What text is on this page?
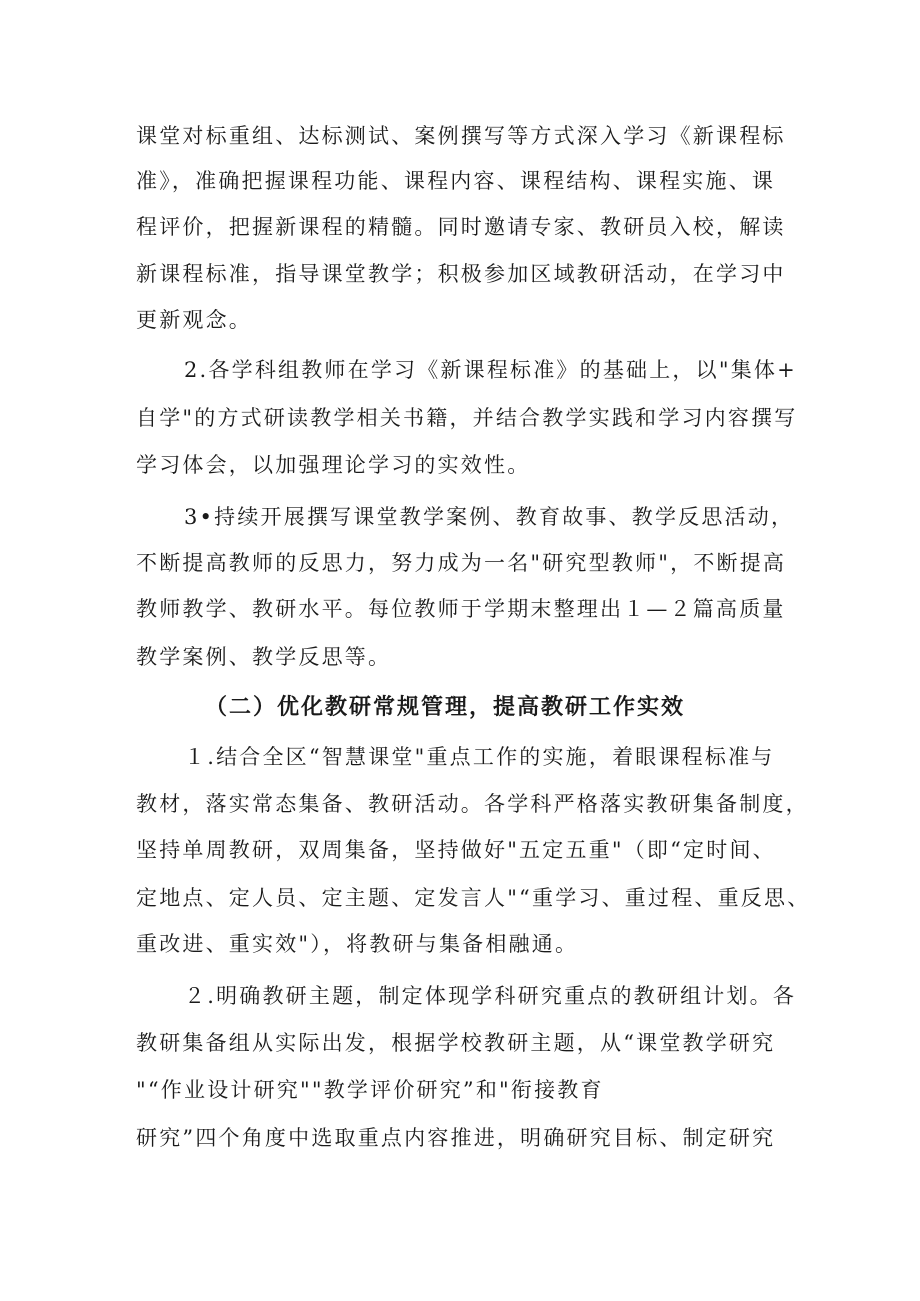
课堂对标重组、达标测试、案例撰写等方式深入学习《新课程标
准》，准确把握课程功能、课程内容、课程结构、课程实施、课
程评价，把握新课程的精髓。同时邀请专家、教研员入校，解读
新课程标准，指导课堂教学；积极参加区域教研活动，在学习中
更新观念。
2.各学科组教师在学习《新课程标准》的基础上，以"集体+
自学"的方式研读教学相关书籍，并结合教学实践和学习内容撰写
学习体会，以加强理论学习的实效性。
3•持续开展撰写课堂教学案例、教育故事、教学反思活动，
不断提高教师的反思力，努力成为一名"研究型教师"，不断提高
教师教学、教研水平。每位教师于学期末整理出１—２篇高质量
教学案例、教学反思等。
（二）优化教研常规管理，提高教研工作实效
１.结合全区“智慧课堂"重点工作的实施，着眼课程标准与
教材，落实常态集备、教研活动。各学科严格落实教研集备制度，
坚持单周教研，双周集备，坚持做好"五定五重"（即“定时间、
定地点、定人员、定主题、定发言人"“重学习、重过程、重反思、
重改进、重实效"），将教研与集备相融通。
２.明确教研主题，制定体现学科研究重点的教研组计划。各
教研集备组从实际出发，根据学校教研主题，从“课堂教学研究
"“作业设计研究""教学评价研究”和"衔接教育
研究”四个角度中选取重点内容推进，明确研究目标、制定研究
